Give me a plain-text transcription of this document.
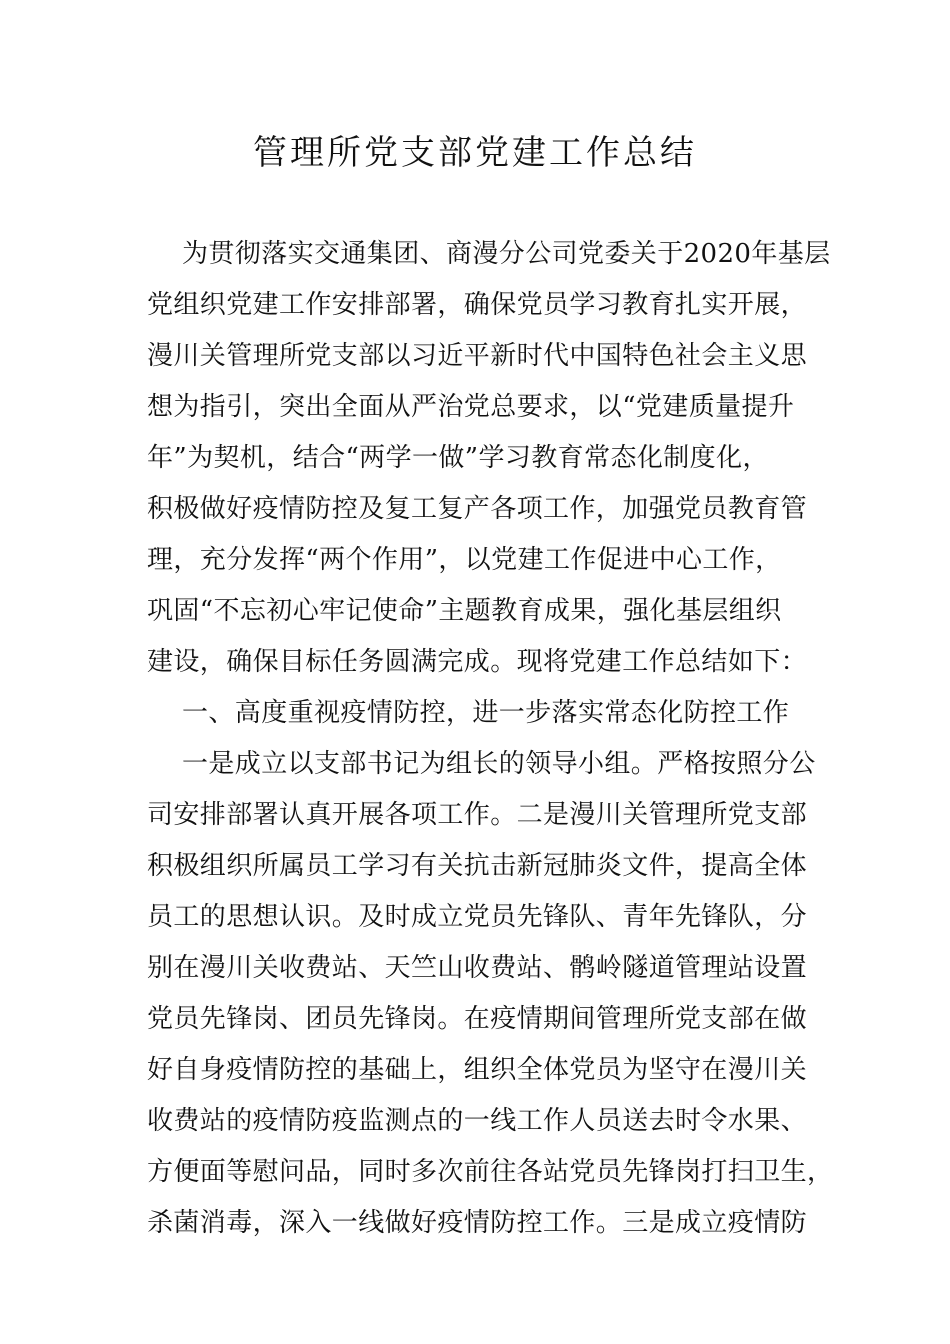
管理所党支部党建工作总结

为贯彻落实交通集团、商漫分公司党委关于2020年基层

党组织党建工作安排部署，确保党员学习教育扎实开展，

漫川关管理所党支部以习近平新时代中国特色社会主义思

想为指引，突出全面从严治党总要求，以“党建质量提升

年”为契机，结合“两学一做”学习教育常态化制度化，

积极做好疫情防控及复工复产各项工作，加强党员教育管

理，充分发挥“两个作用”，以党建工作促进中心工作，

巩固“不忘初心牢记使命”主题教育成果，强化基层组织

建设，确保目标任务圆满完成。现将党建工作总结如下：

一、高度重视疫情防控，进一步落实常态化防控工作

一是成立以支部书记为组长的领导小组。严格按照分公

司安排部署认真开展各项工作。二是漫川关管理所党支部

积极组织所属员工学习有关抗击新冠肺炎文件，提高全体

员工的思想认识。及时成立党员先锋队、青年先锋队，分

别在漫川关收费站、天竺山收费站、鹘岭隧道管理站设置

党员先锋岗、团员先锋岗。在疫情期间管理所党支部在做

好自身疫情防控的基础上，组织全体党员为坚守在漫川关

收费站的疫情防疫监测点的一线工作人员送去时令水果、

方便面等慰问品，同时多次前往各站党员先锋岗打扫卫生，

杀菌消毒，深入一线做好疫情防控工作。三是成立疫情防
